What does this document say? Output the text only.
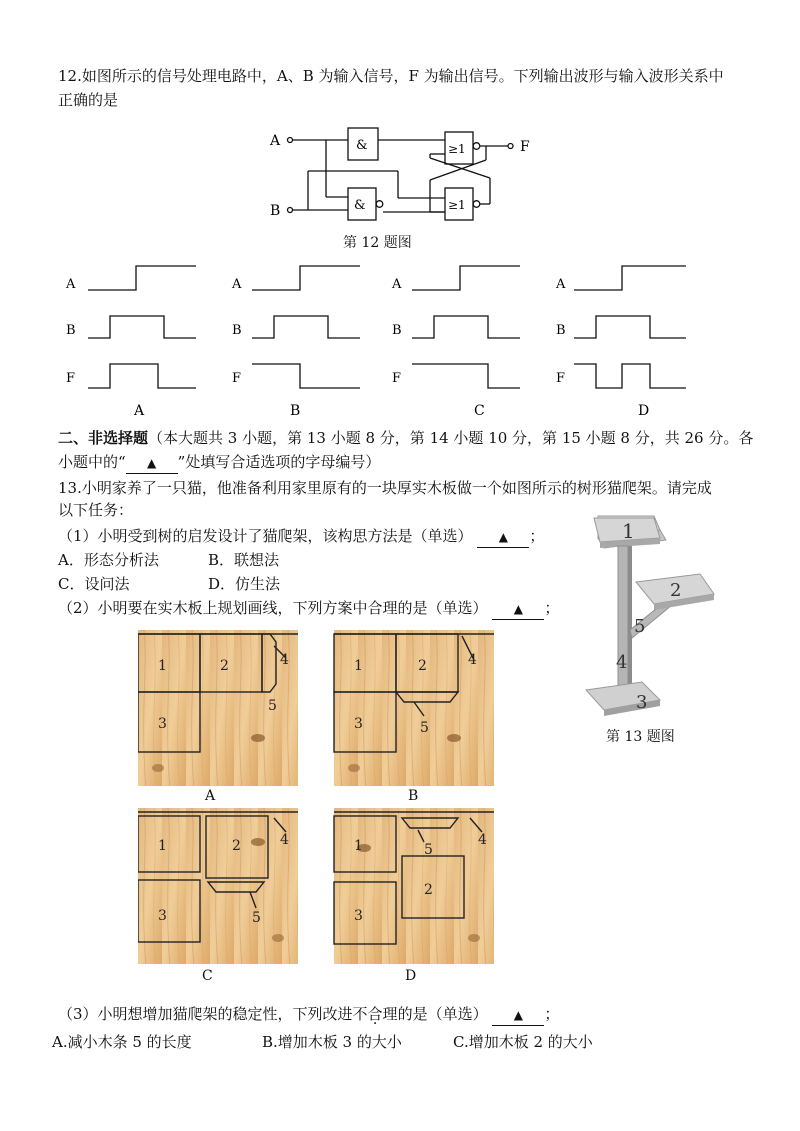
12.如图所示的信号处理电路中，A、B 为输入信号，F 为输出信号。下列输出波形与输入波形关系中
正确的是
A
B
F
&
&
≥1
≥1
第 12 题图
A
B
F
A
B
F
A
B
F
A
B
F
A	B	C	D
二、非选择题（本大题共 3 小题，第 13 小题 8 分，第 14 小题 10 分，第 15 小题 8 分，共 26 分。各
小题中的“ ▲ ”处填写合适选项的字母编号）
13.小明家养了一只猫，他准备利用家里原有的一块厚实木板做一个如图所示的树形猫爬架。请完成
以下任务：
（1）小明受到树的启发设计了猫爬架，该构思方法是（单选） ▲ ；
A．形态分析法	B．联想法
C．设问法	D．仿生法
（2）小明要在实木板上规划画线，下列方案中合理的是（单选） ▲ ；
1
2
3
4
5
第 13 题图
1	2
3
4
5
1	2
3
4
5
1	2
3
4
5
1
2
3
4
5
A	B
C	D
（3）小明想增加猫爬架的稳定性，下列改进不合理的是（单选） ▲ ；
A.减小木条 5 的长度	B.增加木板 3 的大小	C.增加木板 2 的大小
